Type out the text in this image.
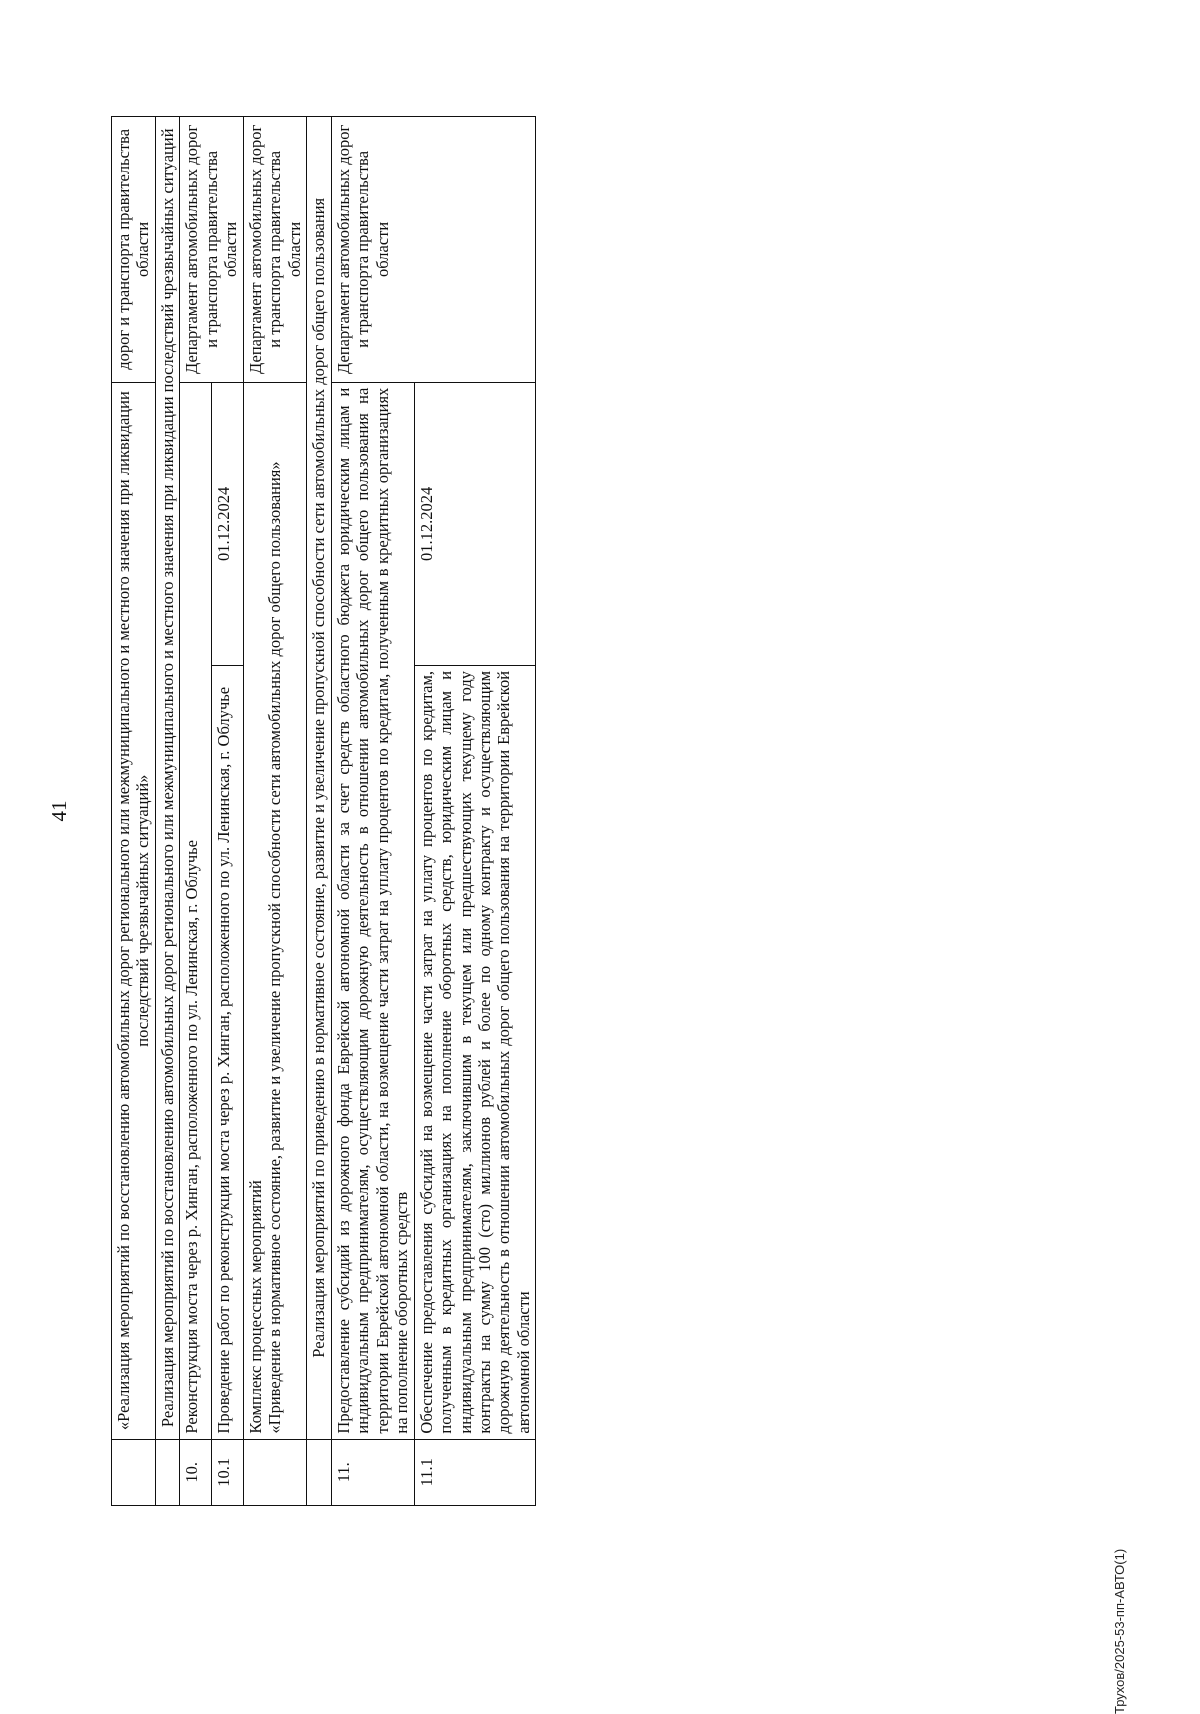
41
		«Реализация мероприятий по восстановлению автомобильных дорог регионального или межмуниципального и местного значения при ликвидации последствий чрезвычайных ситуаций»		дорог и транспорта правительства области
	Реализация мероприятий по восстановлению автомобильных дорог регионального или межмуниципального и местного значения при ликвидации последствий чрезвычайных ситуаций		
10.	Реконструкция моста через р. Хинган, расположенного по ул. Ленинская, г. Облучье		Департамент автомобильных дорог и транспорта правительства области
10.1	Проведение работ по реконструкции моста через р. Хинган, расположенного по ул. Ленинская, г. Облучье	01.12.2024	

	Комплекс процессных мероприятий «Приведение в нормативное состояние, развитие и увеличение пропускной способности сети автомобильных дорог общего пользования»		Департамент автомобильных дорог и транспорта правительства области
	Реализация мероприятий по приведению в нормативное состояние, развитие и увеличение пропускной способности сети автомобильных дорог общего пользования		
11.	Предоставление субсидий из дорожного фонда Еврейской автономной области за счет средств областного бюджета юридическим лицам и индивидуальным предпринимателям, осуществляющим дорожную деятельность в отношении автомобильных дорог общего пользования на территории Еврейской автономной области, на возмещение части затрат на уплату процентов по кредитам, полученным в кредитных организациях на пополнение оборотных средств		Департамент автомобильных дорог и транспорта правительства области
11.1	Обеспечение предоставления субсидий на возмещение части затрат на уплату процентов по кредитам, полученным в кредитных организациях на пополнение оборотных средств, юридическим лицам и индивидуальным предпринимателям, заключившим в текущем или предшествующих текущему году контракты на сумму 100 (сто) миллионов рублей и более по одному контракту и осуществляющим дорожную деятельность в отношении автомобильных дорог общего пользования на территории Еврейской автономной области	01.12.2024	
Трухов/2025-53-пп-АВТО(1)
